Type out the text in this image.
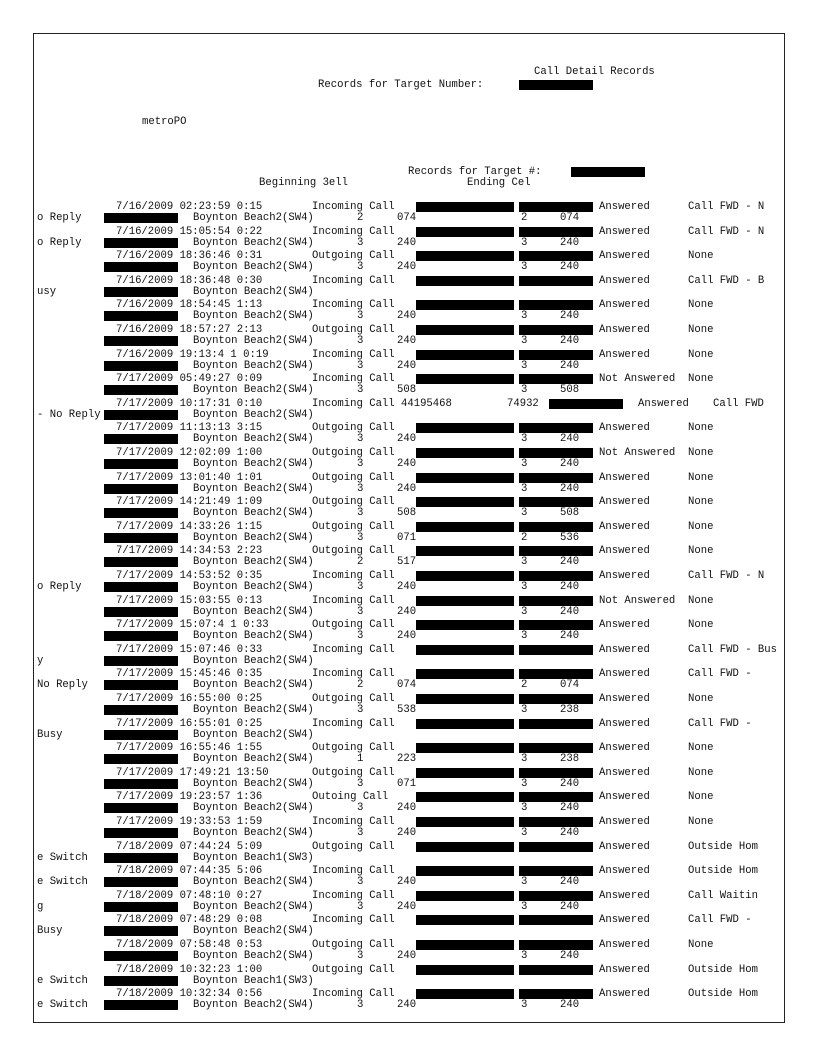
Call Detail Records
Records for Target Number:
metroPO
Records for Target #:
Beginning 3ell	Ending Cel
7/16/2009 02:23:59 0:15	Incoming Call	Answered	Call FWD - N
o Reply	Boynton Beach2(SW4)	2	074	2	074
7/16/2009 15:05:54 0:22	Incoming Call	Answered	Call FWD - N
o Reply	Boynton Beach2(SW4)	3	240	3	240
7/16/2009 18:36:46 0:31	Outgoing Call	Answered	None
Boynton Beach2(SW4)	3	240	3	240
7/16/2009 18:36:48 0:30	Incoming Call	Answered	Call FWD - B
usy	Boynton Beach2(SW4)
7/16/2009 18:54:45 1:13	Incoming Call	Answered	None
Boynton Beach2(SW4)	3	240	3	240
7/16/2009 18:57:27 2:13	Outgoing Call	Answered	None
Boynton Beach2(SW4)	3	240	3	240
7/16/2009 19:13:4 1 0:19	Incoming Call	Answered	None
Boynton Beach2(SW4)	3	240	3	240
7/17/2009 05:49:27 0:09	Incoming Call	Not Answered None
Boynton Beach2(SW4)	3	508	3	508
7/17/2009 10:17:31 0:10	Incoming Call 44195468	74932	Answered Call FWD
- No Reply	Boynton Beach2(SW4)
7/17/2009 11:13:13 3:15	Outgoing Call	Answered	None
Boynton Beach2(SW4)	3	240	3	240
7/17/2009 12:02:09 1:00	Outgoing Call	Not Answered None
Boynton Beach2(SW4)	3	240	3	240
7/17/2009 13:01:40 1:01	Outgoing Call	Answered	None
Boynton Beach2(SW4)	3	240	3	240
7/17/2009 14:21:49 1:09	Outgoing Call	Answered	None
Boynton Beach2(SW4)	3	508	3	508
7/17/2009 14:33:26 1:15	Outgoing Call	Answered	None
Boynton Beach2(SW4)	3	071	2	536
7/17/2009 14:34:53 2:23	Outgoing Call	Answered	None
Boynton Beach2(SW4)	2	517	3	240
7/17/2009 14:53:52 0:35	Incoming Call	Answered	Call FWD - N
o Reply	Boynton Beach2(SW4)	3	240	3	240
7/17/2009 15:03:55 0:13	Incoming Call	Not Answered None
Boynton Beach2(SW4)	3	240	3	240
7/17/2009 15:07:4 1 0:33	Outgoing Call	Answered	None
Boynton Beach2(SW4)	3	240	3	240
7/17/2009 15:07:46 0:33	Incoming Call	Answered	Call FWD - Bus
y	Boynton Beach2(SW4)
7/17/2009 15:45:46 0:35	Incoming Call	Answered	Call FWD -
No Reply	Boynton Beach2(SW4)	2	074	2	074
7/17/2009 16:55:00 0:25	Outgoing Call	Answered	None
Boynton Beach2(SW4)	3	538	3	238
7/17/2009 16:55:01 0:25	Incoming Call	Answered	Call FWD -
Busy	Boynton Beach2(SW4)
7/17/2009 16:55:46 1:55	Outgoing Call	Answered	None
Boynton Beach2(SW4)	1	223	3	238
7/17/2009 17:49:21 13:50	Outgoing Call	Answered	None
Boynton Beach2(SW4)	3	071	3	240
7/17/2009 19:23:57 1:36	Outoing Call	Answered	None
Boynton Beach2(SW4)	3	240	3	240
7/17/2009 19:33:53 1:59	Incoming Call	Answered	None
Boynton Beach2(SW4)	3	240	3	240
7/18/2009 07:44:24 5:09	Outgoing Call	Answered	Outside Hom
e Switch	Boynton Beach1(SW3)
7/18/2009 07:44:35 5:06	Incoming Call	Answered	Outside Hom
e Switch	Boynton Beach2(SW4)	3	240	3	240
7/18/2009 07:48:10 0:27	Incoming Call	Answered	Call Waitin
g	Boynton Beach2(SW4)	3	240	3	240
7/18/2009 07:48:29 0:08	Incoming Call	Answered	Call FWD -
Busy	Boynton Beach2(SW4)
7/18/2009 07:58:48 0:53	Outgoing Call	Answered	None
Boynton Beach2(SW4)	3	240	3	240
7/18/2009 10:32:23 1:00	Outgoing Call	Answered	Outside Hom
e Switch	Boynton Beach1(SW3)
7/18/2009 10:32:34 0:56	Incoming Call	Answered	Outside Hom
e Switch	Boynton Beach2(SW4)	3	240	3	240
